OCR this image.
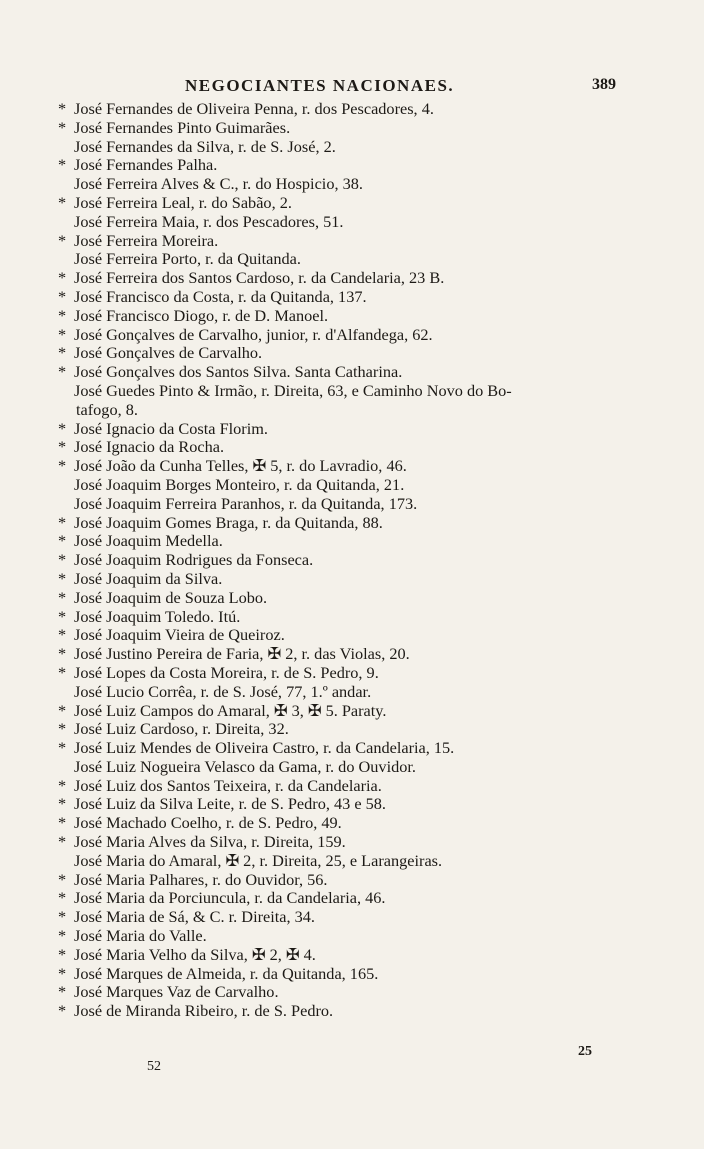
NEGOCIANTES NACIONAES.	389
* José Fernandes de Oliveira Penna, r. dos Pescadores, 4.
* José Fernandes Pinto Guimarães.
José Fernandes da Silva, r. de S. José, 2.
* José Fernandes Palha.
José Ferreira Alves & C., r. do Hospicio, 38.
* José Ferreira Leal, r. do Sabão, 2.
José Ferreira Maia, r. dos Pescadores, 51.
* José Ferreira Moreira.
José Ferreira Porto, r. da Quitanda.
* José Ferreira dos Santos Cardoso, r. da Candelaria, 23 B.
* José Francisco da Costa, r. da Quitanda, 137.
* José Francisco Diogo, r. de D. Manoel.
* José Gonçalves de Carvalho, junior, r. d'Alfandega, 62.
* José Gonçalves de Carvalho.
* José Gonçalves dos Santos Silva. Santa Catharina.
José Guedes Pinto & Irmão, r. Direita, 63, e Caminho Novo do Bo-
tafogo, 8.
* José Ignacio da Costa Florim.
* José Ignacio da Rocha.
* José João da Cunha Telles, ✠ 5, r. do Lavradio, 46.
José Joaquim Borges Monteiro, r. da Quitanda, 21.
José Joaquim Ferreira Paranhos, r. da Quitanda, 173.
* José Joaquim Gomes Braga, r. da Quitanda, 88.
* José Joaquim Medella.
* José Joaquim Rodrigues da Fonseca.
* José Joaquim da Silva.
* José Joaquim de Souza Lobo.
* José Joaquim Toledo. Itú.
* José Joaquim Vieira de Queiroz.
* José Justino Pereira de Faria, ✠ 2, r. das Violas, 20.
* José Lopes da Costa Moreira, r. de S. Pedro, 9.
José Lucio Corrêa, r. de S. José, 77, 1.º andar.
* José Luiz Campos do Amaral, ✠ 3, ✠ 5. Paraty.
* José Luiz Cardoso, r. Direita, 32.
* José Luiz Mendes de Oliveira Castro, r. da Candelaria, 15.
José Luiz Nogueira Velasco da Gama, r. do Ouvidor.
* José Luiz dos Santos Teixeira, r. da Candelaria.
* José Luiz da Silva Leite, r. de S. Pedro, 43 e 58.
* José Machado Coelho, r. de S. Pedro, 49.
* José Maria Alves da Silva, r. Direita, 159.
José Maria do Amaral, ✠ 2, r. Direita, 25, e Larangeiras.
* José Maria Palhares, r. do Ouvidor, 56.
* José Maria da Porciuncula, r. da Candelaria, 46.
* José Maria de Sá, & C. r. Direita, 34.
* José Maria do Valle.
* José Maria Velho da Silva, ✠ 2, ✠ 4.
* José Marques de Almeida, r. da Quitanda, 165.
* José Marques Vaz de Carvalho.
* José de Miranda Ribeiro, r. de S. Pedro.
52
25
